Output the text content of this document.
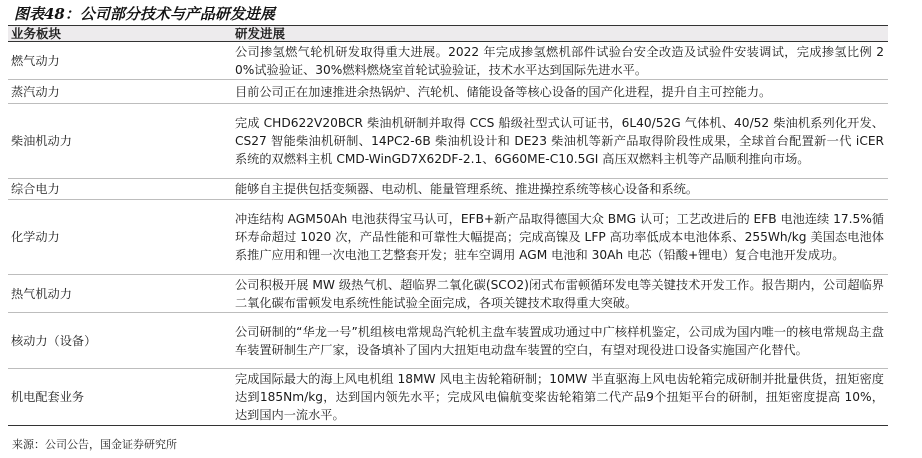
图表48：公司部分技术与产品研发进展
业务板块	研发进展
燃气动力	公司掺氢燃气轮机研发取得重大进展。2022 年完成掺氢燃机部件试验台安全改造及试验件安装调试，完成掺氢比例 20%试验验证、30%燃料燃烧室首轮试验验证，技术水平达到国际先进水平。
蒸汽动力	目前公司正在加速推进余热锅炉、汽轮机、储能设备等核心设备的国产化进程，提升自主可控能力。
柴油机动力	完成 CHD622V20BCR 柴油机研制并取得 CCS 船级社型式认可证书，6L40/52G 气体机、40/52 柴油机系列化开发、CS27 智能柴油机研制、14PC2-6B 柴油机设计和 DE23 柴油机等新产品取得阶段性成果，全球首台配置新一代 iCER 系统的双燃料主机 CMD-WinGD7X62DF-2.1、6G60ME-C10.5GI 高压双燃料主机等产品顺利推向市场。
综合电力	能够自主提供包括变频器、电动机、能量管理系统、推进操控系统等核心设备和系统。
化学动力	冲连结构 AGM50Ah 电池获得宝马认可，EFB+新产品取得德国大众 BMG 认可；工艺改进后的 EFB 电池连续 17.5%循环寿命超过 1020 次，产品性能和可靠性大幅提高；完成高镍及 LFP 高功率低成本电池体系、255Wh/kg 美国态电池体系推广应用和锂一次电池工艺整套开发；驻车空调用 AGM 电池和 30Ah 电芯（铅酸+锂电）复合电池开发成功。
热气机动力	公司积极开展 MW 级热气机、超临界二氧化碳(SCO2)闭式布雷顿循环发电等关键技术开发工作。报告期内，公司超临界二氧化碳布雷顿发电系统性能试验全面完成，各项关键技术取得重大突破。
核动力（设备）	公司研制的“华龙一号”机组核电常规岛汽轮机主盘车装置成功通过中广核样机鉴定，公司成为国内唯一的核电常规岛主盘车装置研制生产厂家，设备填补了国内大扭矩电动盘车装置的空白，有望对现役进口设备实施国产化替代。
机电配套业务	完成国际最大的海上风电机组 18MW 风电主齿轮箱研制；10MW 半直驱海上风电齿轮箱完成研制并批量供货，扭矩密度达到185Nm/kg，达到国内领先水平；完成风电偏航变桨齿轮箱第二代产品9个扭矩平台的研制，扭矩密度提高 10%，达到国内一流水平。
来源：公司公告，国金证券研究所
